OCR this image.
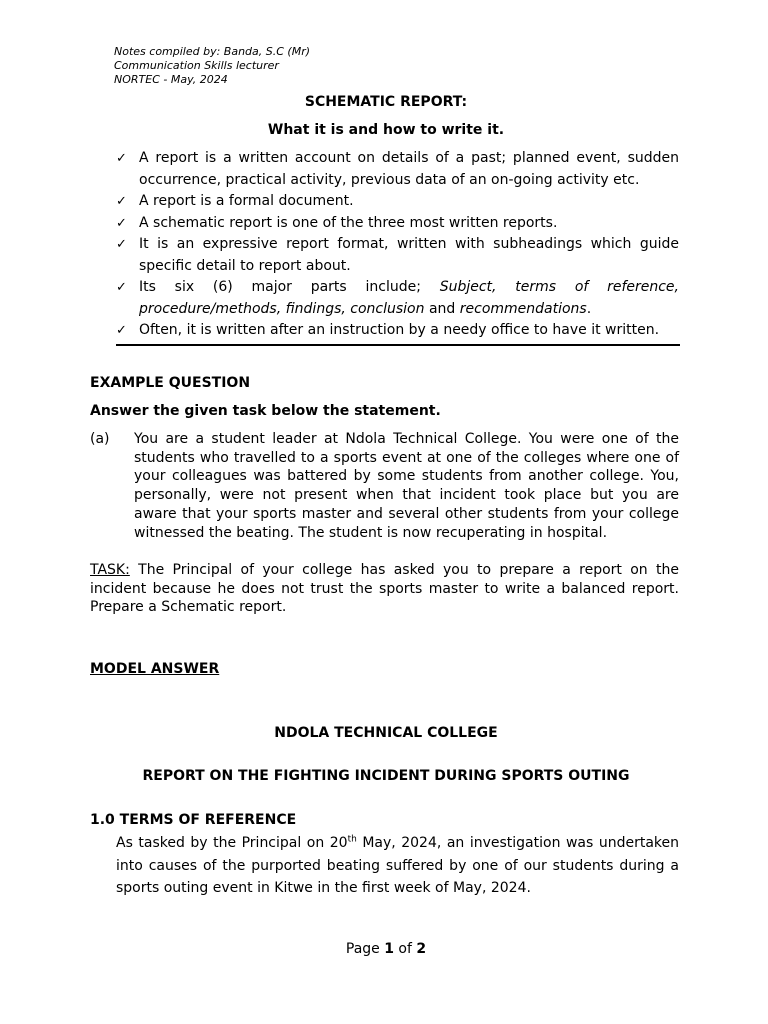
Notes compiled by: Banda, S.C (Mr)
Communication Skills lecturer
NORTEC - May, 2024
SCHEMATIC REPORT:
What it is and how to write it.
✓ A report is a written account on details of a past; planned event, sudden occurrence, practical activity, previous data of an on-going activity etc.
✓ A report is a formal document.
✓ A schematic report is one of the three most written reports.
✓ It is an expressive report format, written with subheadings which guide specific detail to report about.
✓ Its six (6) major parts include; Subject, terms of reference, procedure/methods, findings, conclusion and recommendations.
✓ Often, it is written after an instruction by a needy office to have it written.
EXAMPLE QUESTION
Answer the given task below the statement.
(a)	You are a student leader at Ndola Technical College. You were one of the students who travelled to a sports event at one of the colleges where one of your colleagues was battered by some students from another college. You, personally, were not present when that incident took place but you are aware that your sports master and several other students from your college witnessed the beating. The student is now recuperating in hospital.
TASK: The Principal of your college has asked you to prepare a report on the incident because he does not trust the sports master to write a balanced report. Prepare a Schematic report.
MODEL ANSWER
NDOLA TECHNICAL COLLEGE
REPORT ON THE FIGHTING INCIDENT DURING SPORTS OUTING
1.0 TERMS OF REFERENCE
As tasked by the Principal on 20th May, 2024, an investigation was undertaken into causes of the purported beating suffered by one of our students during a sports outing event in Kitwe in the first week of May, 2024.
Page 1 of 2
